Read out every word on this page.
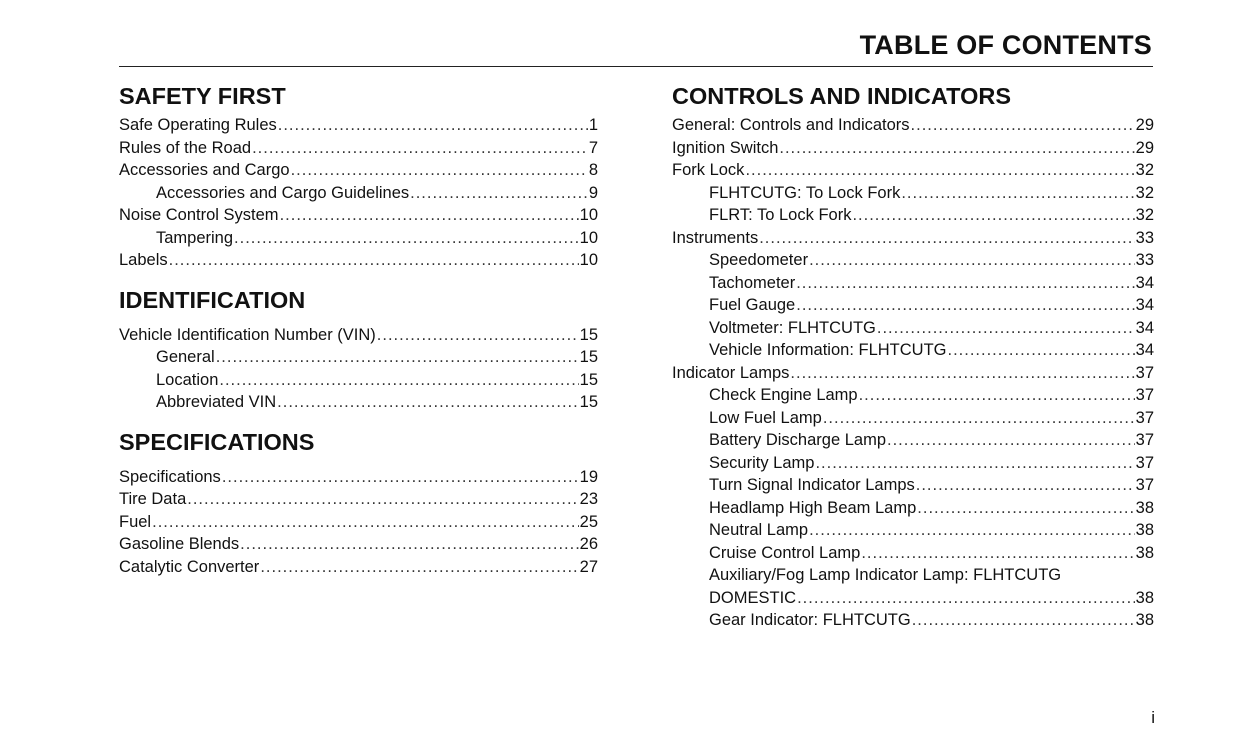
TABLE OF CONTENTS
SAFETY FIRST
Safe Operating Rules .....	1
Rules of the Road .....	7
Accessories and Cargo .....	8
Accessories and Cargo Guidelines .....	9
Noise Control System .....	10
Tampering .....	10
Labels .....	10
IDENTIFICATION
Vehicle Identification Number (VIN) .....	15
General .....	15
Location .....	15
Abbreviated VIN .....	15
SPECIFICATIONS
Specifications .....	19
Tire Data .....	23
Fuel .....	25
Gasoline Blends .....	26
Catalytic Converter .....	27
CONTROLS AND INDICATORS
General: Controls and Indicators .....	29
Ignition Switch .....	29
Fork Lock .....	32
FLHTCUTG: To Lock Fork .....	32
FLRT: To Lock Fork .....	32
Instruments .....	33
Speedometer .....	33
Tachometer .....	34
Fuel Gauge .....	34
Voltmeter: FLHTCUTG .....	34
Vehicle Information: FLHTCUTG .....	34
Indicator Lamps .....	37
Check Engine Lamp .....	37
Low Fuel Lamp .....	37
Battery Discharge Lamp .....	37
Security Lamp .....	37
Turn Signal Indicator Lamps .....	37
Headlamp High Beam Lamp .....	38
Neutral Lamp .....	38
Cruise Control Lamp .....	38
Auxiliary/Fog Lamp Indicator Lamp: FLHTCUTG
DOMESTIC .....	38
Gear Indicator: FLHTCUTG .....	38
i
